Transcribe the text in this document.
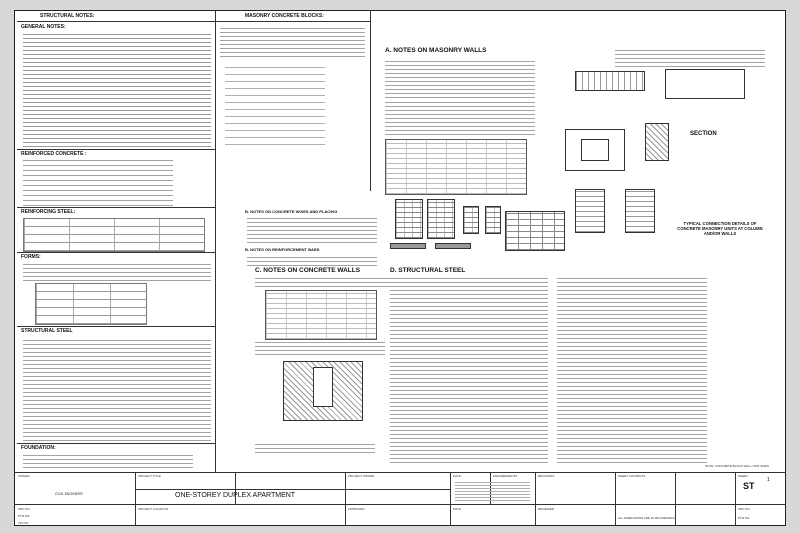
STRUCTURAL NOTES:
GENERAL NOTES:
REINFORCED CONCRETE :
REINFORCING STEEL:
FORMS:
STRUCTURAL STEEL
FOUNDATION:
MASONRY CONCRETE BLOCKS:
B. NOTES ON CONCRETE WIXES AND PLACING
B. NOTES ON REINFORCEMENT BARS
C. NOTES ON CONCRETE WALLS
A. NOTES ON MASONRY WALLS
D. STRUCTURAL STEEL
SECTION
TYPICAL CONNECTION DETAILS OF CONCRETE MASONRY UNITS AT COLUMN AND/OR WALLS
NOTE: CONCRETE BLOCK WALL UNIT SIZES
OWNER	PROJECT TITLE
ONE-STOREY DUPLEX APARTMENT
PROJECT OWNER	DATE	ENGINEERED BY	REVISIONS	SHEET CONTENTS	SHEET
ST
1
CIVIL ENGINEER
PRC NO.
PTR NO.
TIN NO.
PROJECT LOCATION	APPROVED	DATE	REVIEWER
ALL DIMENSIONS ARE IN MILLIMETERS
PRC NO.
PTR NO.
